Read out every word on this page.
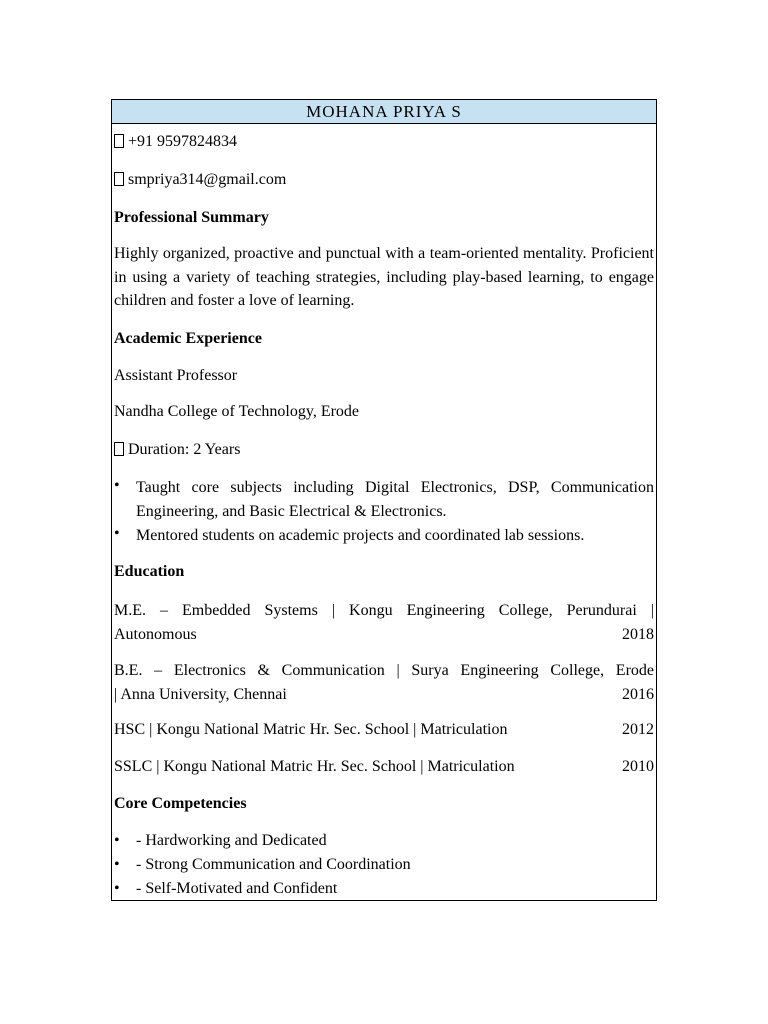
MOHANA PRIYA S
+91 9597824834
smpriya314@gmail.com
Professional Summary
Highly organized, proactive and punctual with a team-oriented mentality. Proficient in using a variety of teaching strategies, including play-based learning, to engage children and foster a love of learning.
Academic Experience
Assistant Professor
Nandha College of Technology, Erode
Duration: 2 Years
• Taught core subjects including Digital Electronics, DSP, Communication Engineering, and Basic Electrical & Electronics.
• Mentored students on academic projects and coordinated lab sessions.
Education
M.E. – Embedded Systems | Kongu Engineering College, Perundurai |
Autonomous	2018
B.E. – Electronics & Communication | Surya Engineering College, Erode
| Anna University, Chennai	2016
HSC | Kongu National Matric Hr. Sec. School | Matriculation	2012
SSLC | Kongu National Matric Hr. Sec. School | Matriculation	2010
Core Competencies
• - Hardworking and Dedicated
• - Strong Communication and Coordination
• - Self-Motivated and Confident
